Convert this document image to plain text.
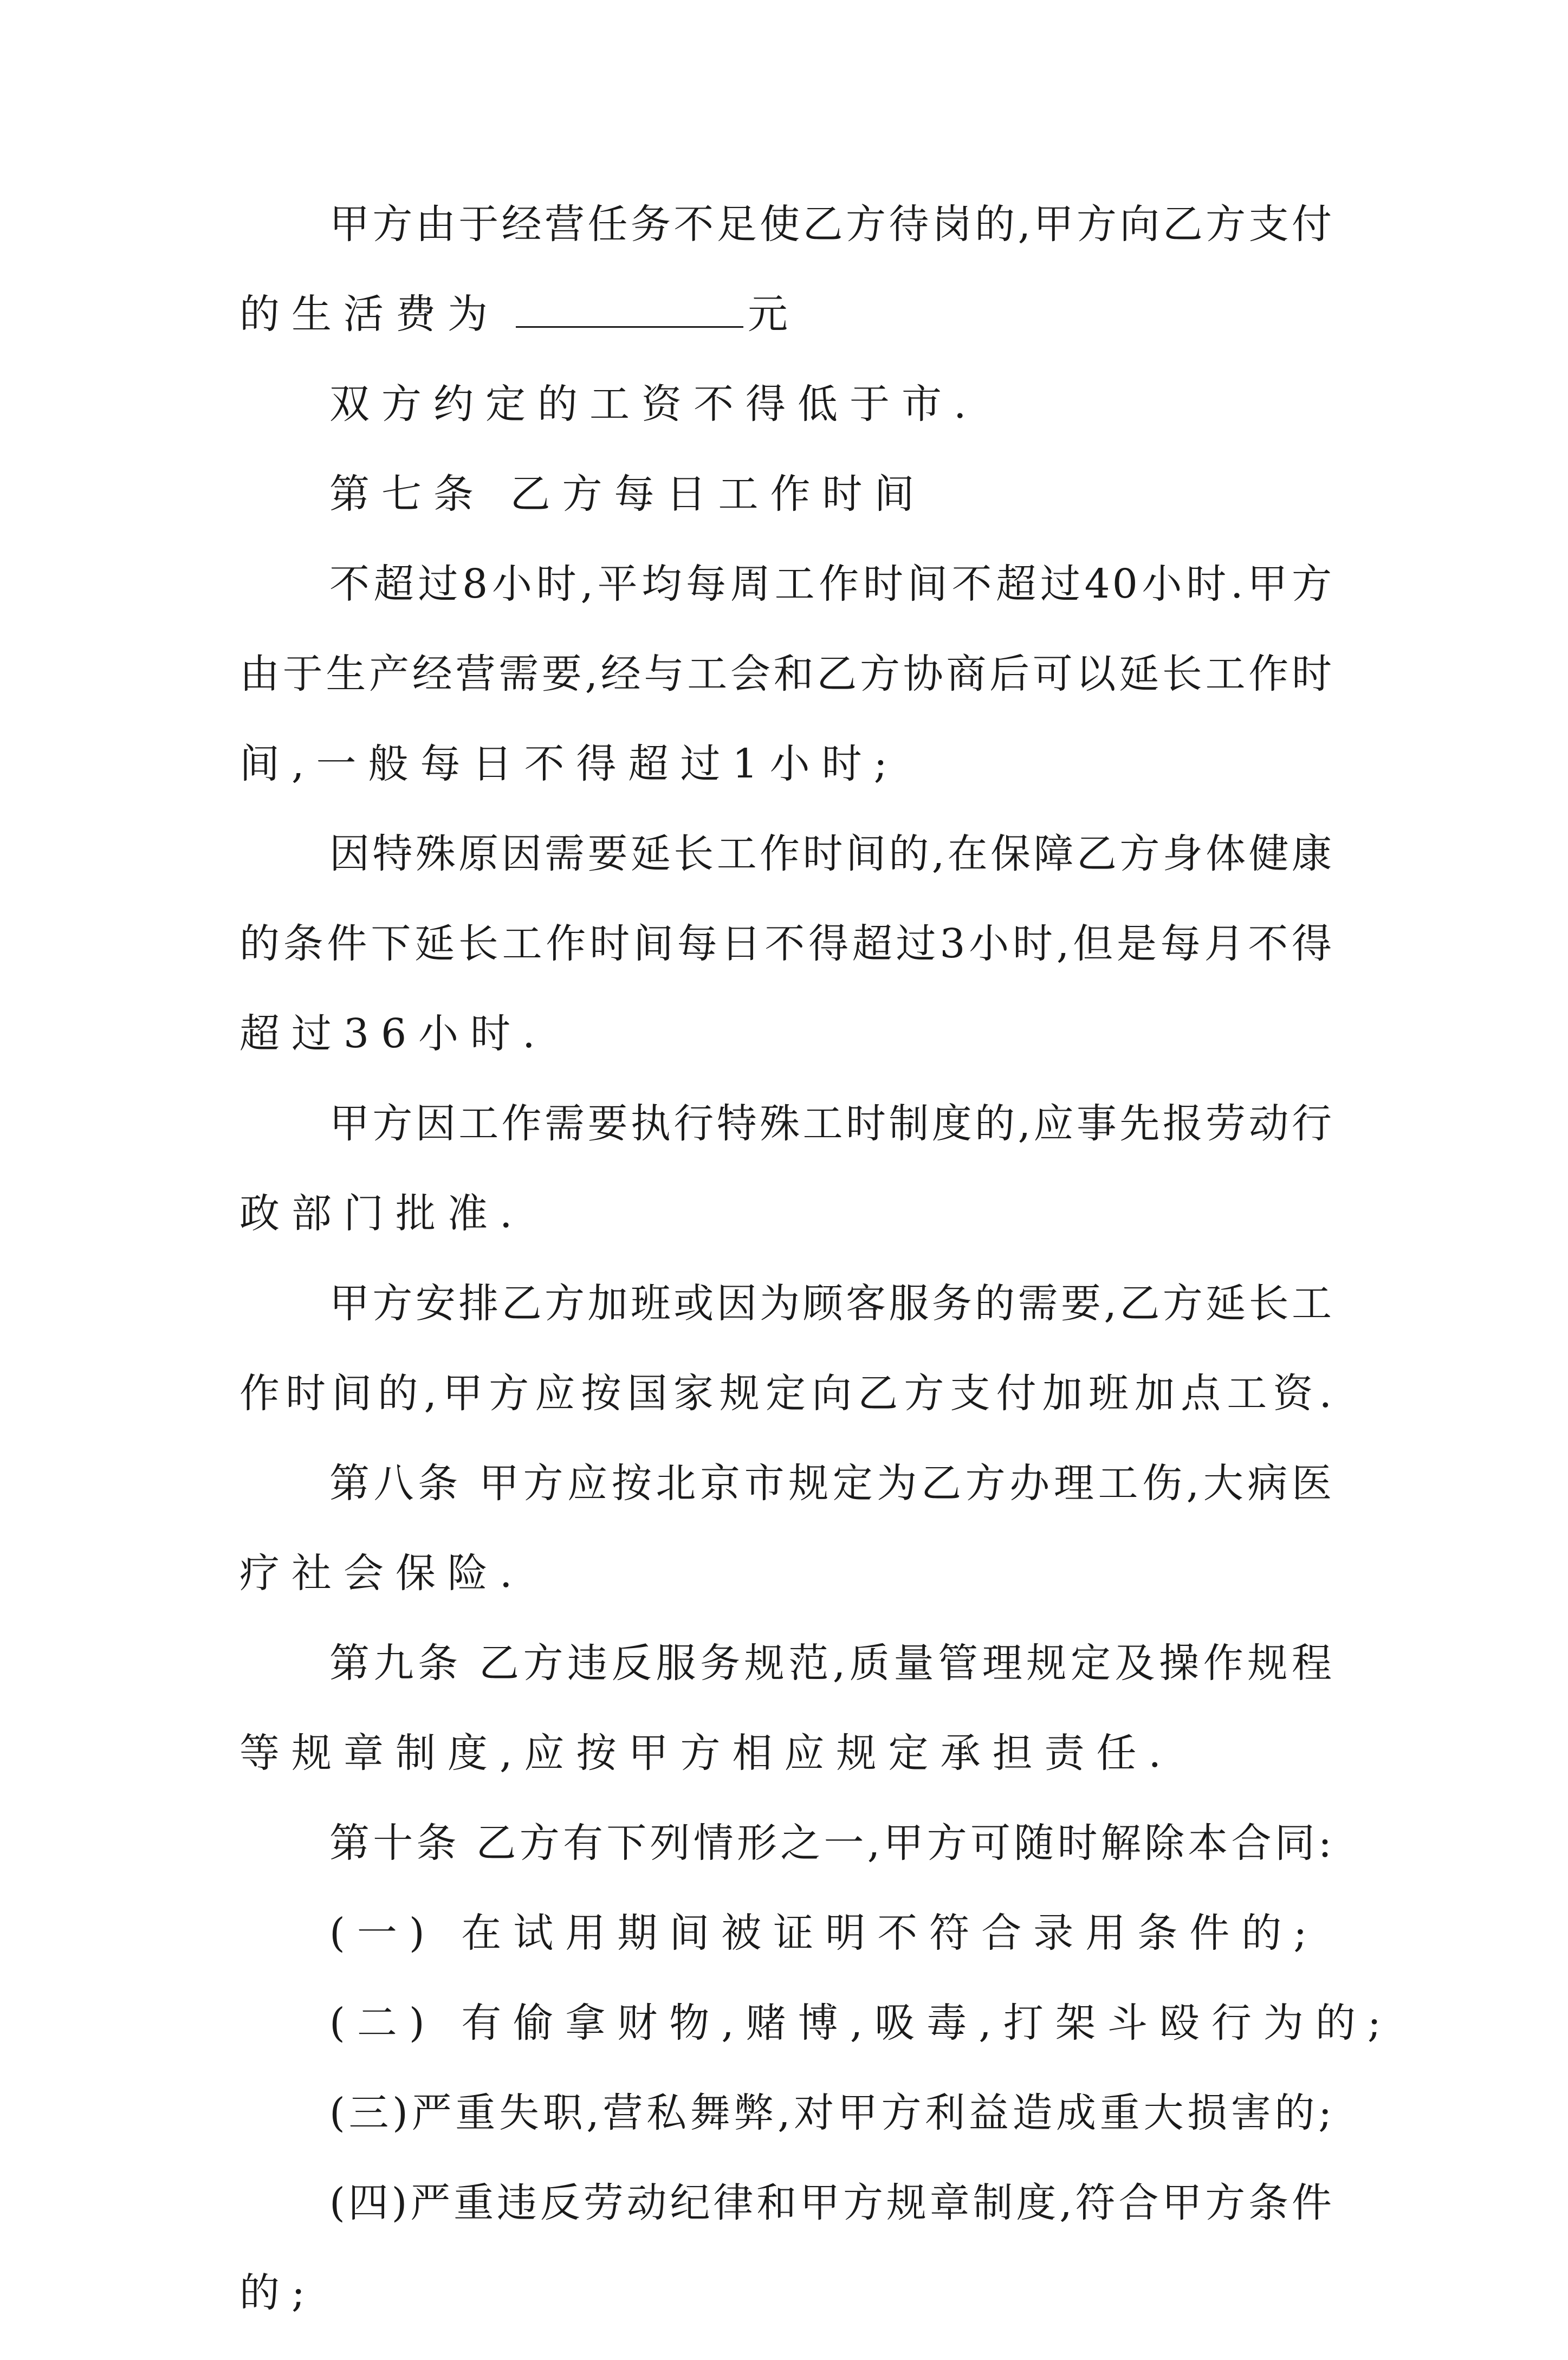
甲方由于经营任务不足使乙方待岗的,甲方向乙方支付
的生活费为	元
双方约定的工资不得低于市.
第七条 乙方每日工作时间
不超过8小时,平均每周工作时间不超过40小时.甲方
由于生产经营需要,经与工会和乙方协商后可以延长工作时
间,一般每日不得超过1小时;
因特殊原因需要延长工作时间的,在保障乙方身体健康
的条件下延长工作时间每日不得超过3小时,但是每月不得
超过36小时.
甲方因工作需要执行特殊工时制度的,应事先报劳动行
政部门批准.
甲方安排乙方加班或因为顾客服务的需要,乙方延长工
作时间的,甲方应按国家规定向乙方支付加班加点工资.
第八条 甲方应按北京市规定为乙方办理工伤,大病医
疗社会保险.
第九条 乙方违反服务规范,质量管理规定及操作规程
等规章制度,应按甲方相应规定承担责任.
第十条 乙方有下列情形之一,甲方可随时解除本合同:
(一) 在试用期间被证明不符合录用条件的;
(二) 有偷拿财物,赌博,吸毒,打架斗殴行为的;
(三)严重失职,营私舞弊,对甲方利益造成重大损害的;
(四)严重违反劳动纪律和甲方规章制度,符合甲方条件
的;
